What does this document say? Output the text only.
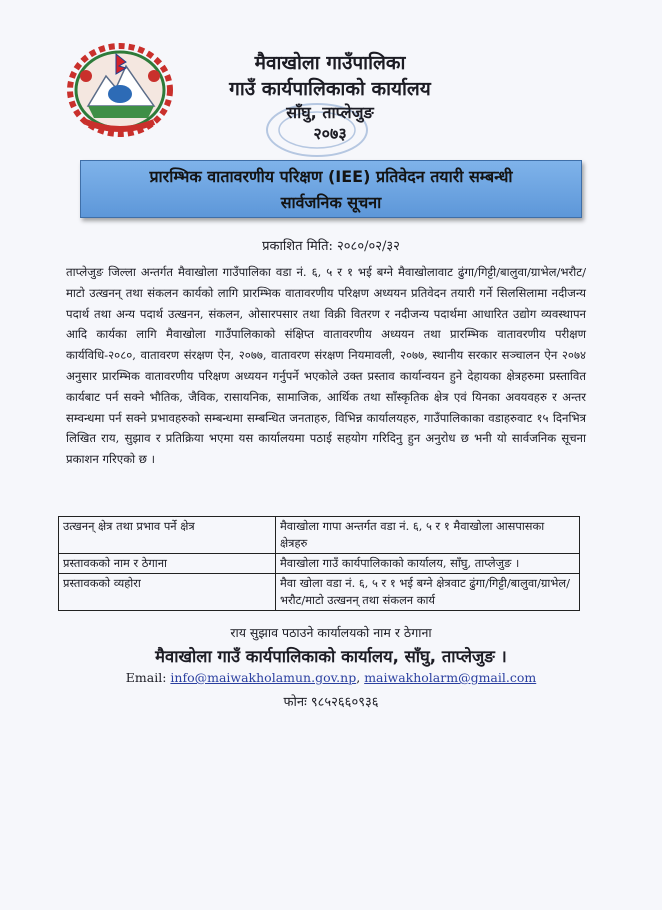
मैवाखोला गाउँपालिका
गाउँ कार्यपालिकाको कार्यालय
साँघु, ताप्लेजुङ
२०७३
प्रारम्भिक वातावरणीय परिक्षण (IEE) प्रतिवेदन तयारी सम्बन्धी
सार्वजनिक सूचना
प्रकाशित मिति: २०८०/०२/३२
ताप्लेजुङ जिल्ला अन्तर्गत मैवाखोला गाउँपालिका वडा नं. ६, ५ र १ भई बग्ने मैवाखोलावाट ढुंगा/गिट्टी/बालुवा/ग्राभेल/भरौट/माटो उत्खनन् तथा संकलन कार्यको लागि प्रारम्भिक वातावरणीय परिक्षण अध्ययन प्रतिवेदन तयारी गर्ने सिलसिलामा नदीजन्य पदार्थ तथा अन्य पदार्थ उत्खनन, संकलन, ओसारपसार तथा विक्री वितरण र नदीजन्य पदार्थमा आधारित उद्योग व्यवस्थापन आदि कार्यका लागि मैवाखोला गाउँपालिकाको संक्षिप्त वातावरणीय अध्ययन तथा प्रारम्भिक वातावरणीय परीक्षण कार्यविधि-२०८०, वातावरण संरक्षण ऐन, २०७७, वातावरण संरक्षण नियमावली, २०७७, स्थानीय सरकार सञ्चालन ऐन २०७४ अनुसार प्रारम्भिक वातावरणीय परिक्षण अध्ययन गर्नुपर्ने भएकोले उक्त प्रस्ताव कार्यान्वयन हुने देहायका क्षेत्रहरुमा प्रस्तावित कार्यबाट पर्न सक्ने भौतिक, जैविक, रासायनिक, सामाजिक, आर्थिक तथा साँस्कृतिक क्षेत्र एवं यिनका अवयवहरु र अन्तर सम्वन्धमा पर्न सक्ने प्रभावहरुको सम्बन्धमा सम्बन्धित जनताहरु, विभिन्न कार्यालयहरु, गाउँपालिकाका वडाहरुवाट १५ दिनभित्र लिखित राय, सुझाव र प्रतिक्रिया भएमा यस कार्यालयमा पठाई सहयोग गरिदिनु हुन अनुरोध छ भनी यो सार्वजनिक सूचना प्रकाशन गरिएको छ ।
उत्खनन् क्षेत्र तथा प्रभाव पर्ने क्षेत्र	मैवाखोला गापा अन्तर्गत वडा नं. ६, ५ र १ मैवाखोला आसपासका क्षेत्रहरु
प्रस्तावकको नाम र ठेगाना	मैवाखोला गाउँ कार्यपालिकाको कार्यालय, साँघु, ताप्लेजुङ ।
प्रस्तावकको व्यहोरा	मैवा खोला वडा नं. ६, ५ र १ भई बग्ने क्षेत्रवाट ढुंगा/गिट्टी/बालुवा/ग्राभेल/भरौट/माटो उत्खनन् तथा संकलन कार्य
राय सुझाव पठाउने कार्यालयको नाम र ठेगाना
मैवाखोला गाउँ कार्यपालिकाको कार्यालय, साँघु, ताप्लेजुङ ।
Email: info@maiwakholamun.gov.np, maiwakholarm@gmail.com
फोनः ९८५२६६०९३६
